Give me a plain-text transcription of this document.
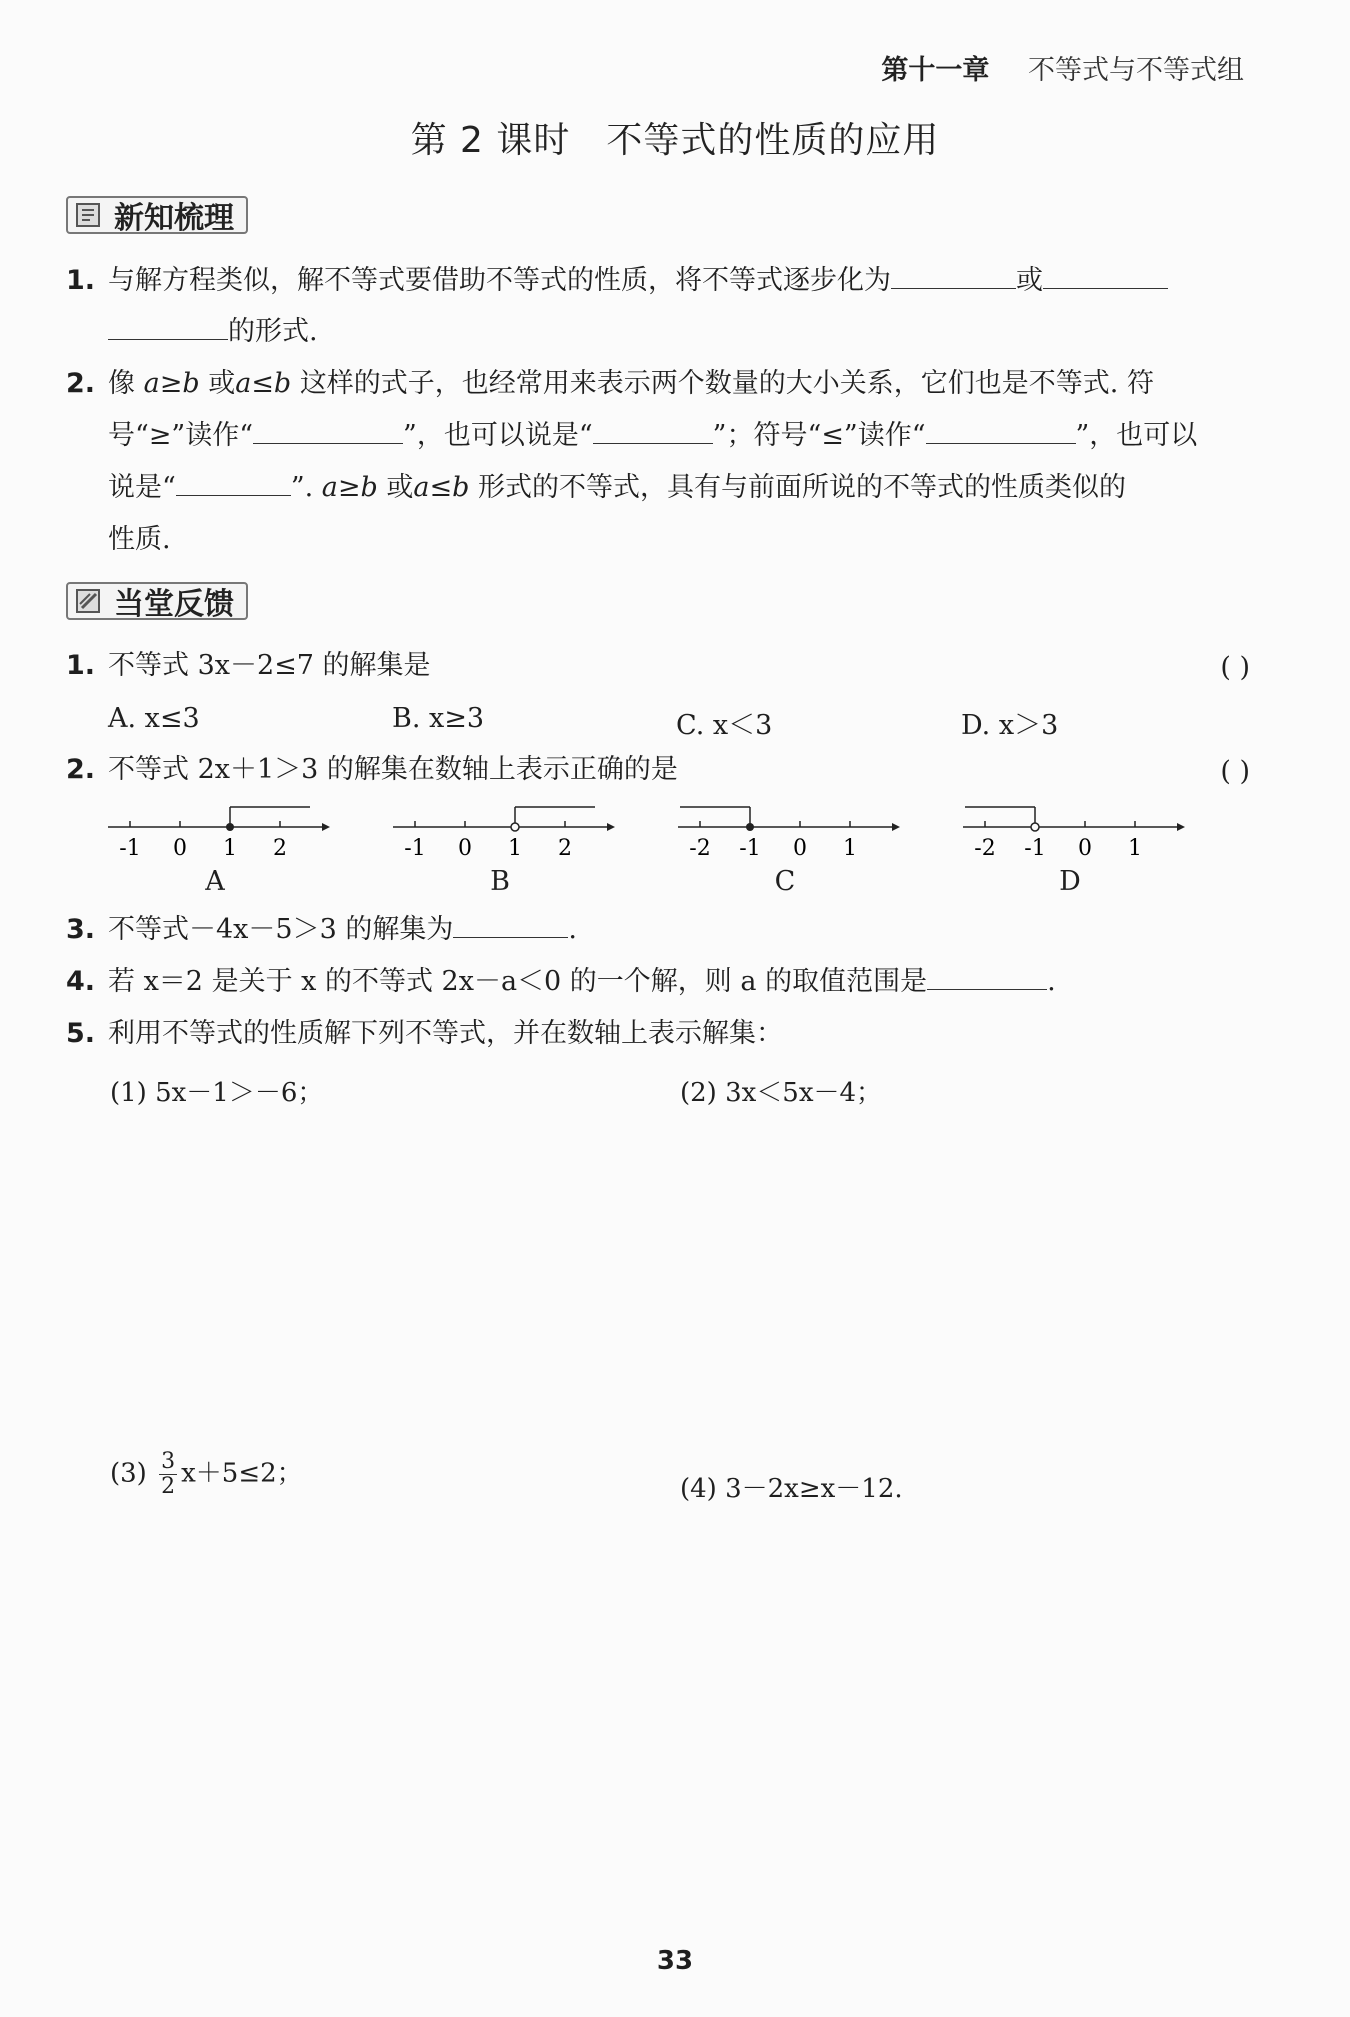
第十一章 不等式与不等式组
第 2 课时 不等式的性质的应用
新知梳理
1. 与解方程类似，解不等式要借助不等式的性质，将不等式逐步化为	或
的形式.
2. 像 a≥b 或a≤b 这样的式子，也经常用来表示两个数量的大小关系，它们也是不等式. 符
号“≥”读作“	”，也可以说是“	”；符号“≤”读作“	”，也可以
说是“	”. a≥b 或a≤b 形式的不等式，具有与前面所说的不等式的性质类似的
性质.
当堂反馈
1. 不等式 3x－2≤7 的解集是	( )
A. x≤3	B. x≥3	C. x＜3	D. x＞3
2. 不等式 2x＋1＞3 的解集在数轴上表示正确的是	( )
-1 0 1 2
A
-1 0 1 2
B
-2 -1 0 1
C
-2 -1 0 1
D
3. 不等式－4x－5＞3 的解集为	.
4. 若 x＝2 是关于 x 的不等式 2x－a＜0 的一个解，则 a 的取值范围是	.
5. 利用不等式的性质解下列不等式，并在数轴上表示解集：
(1) 5x－1＞－6；	(2) 3x＜5x－4；
$(3) \frac{3}{2} x+5\le 2$；
(4) 3－2x≥x－12.
33
